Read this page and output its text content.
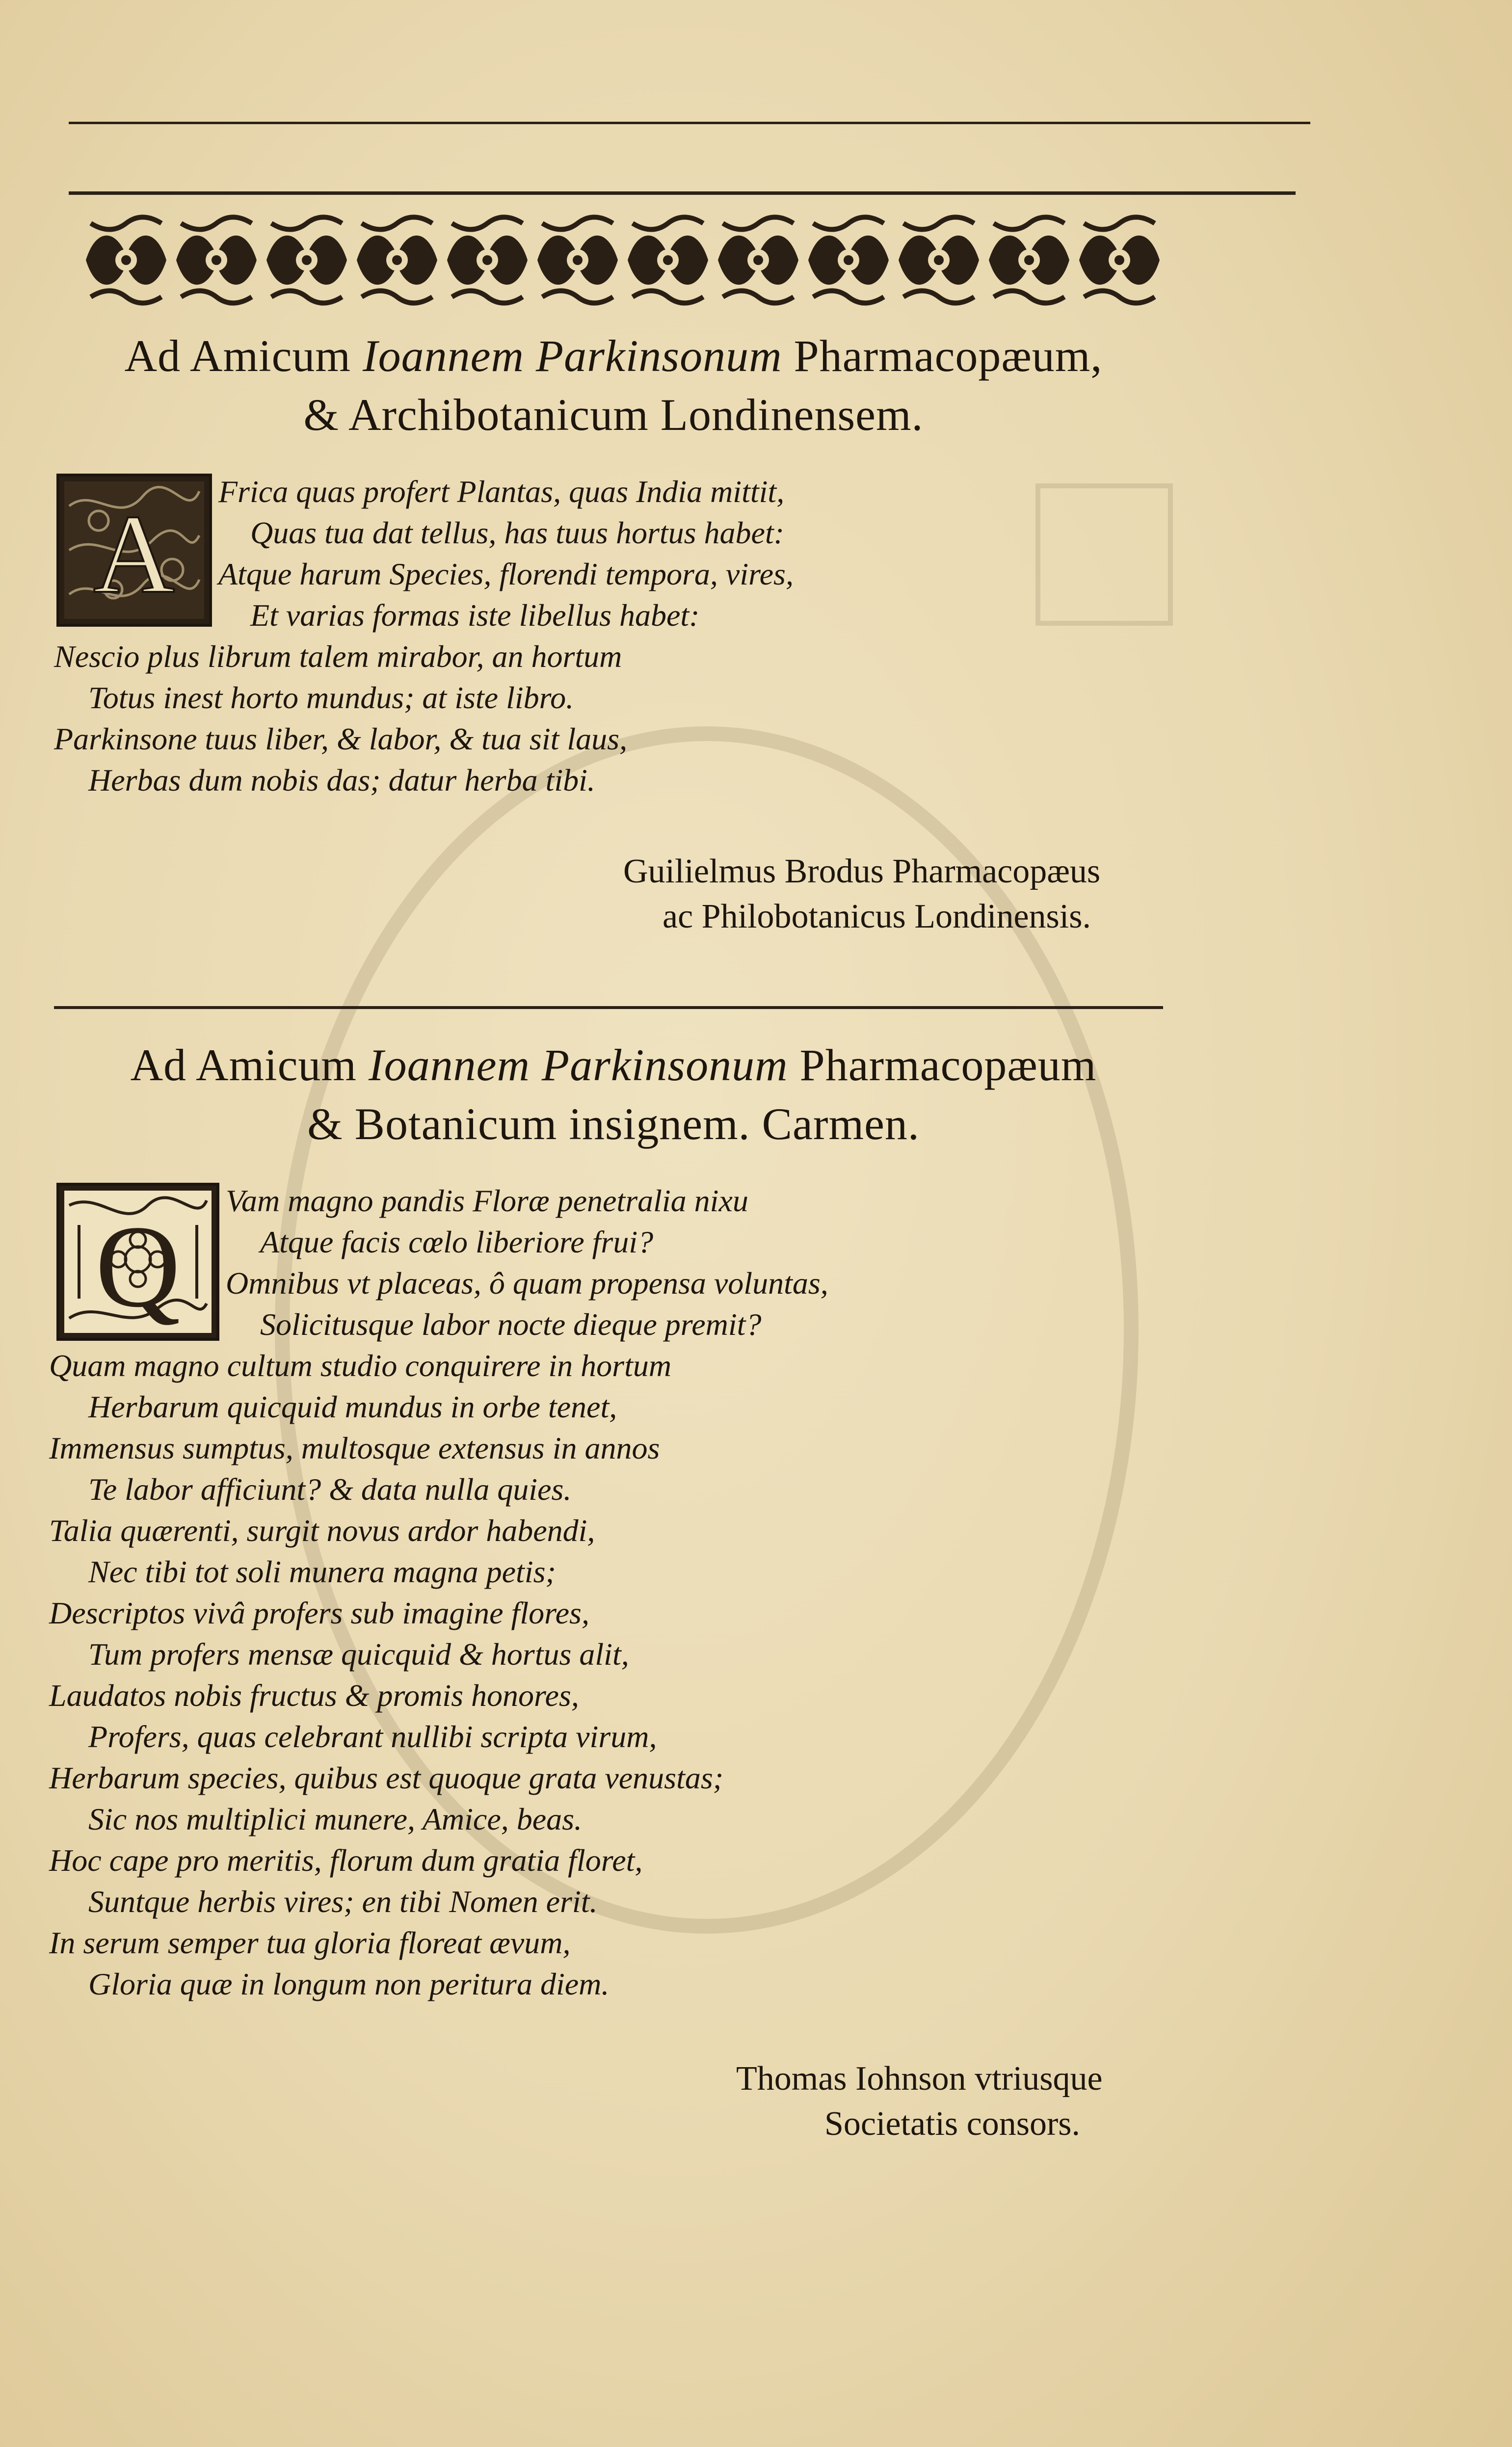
Ad Amicum Ioannem Parkinsonum Pharmacopæum,
& Archibotanicum Londinensem.
A	Frica quas profert Plantas, quas India mittit,
Quas tua dat tellus, has tuus hortus habet:
Atque harum Species, florendi tempora, vires,
Et varias formas iste libellus habet:
Nescio plus librum talem mirabor, an hortum
Totus inest horto mundus; at iste libro.
Parkinsone tuus liber, & labor, & tua sit laus,
Herbas dum nobis das; datur herba tibi.
Guilielmus Brodus Pharmacopæus
ac Philobotanicus Londinensis.
Ad Amicum Ioannem Parkinsonum Pharmacopæum
& Botanicum insignem. Carmen.
Q
Vam magno pandis Floræ penetralia nixu
Atque facis cœlo liberiore frui?
Omnibus vt placeas, ô quam propensa voluntas,
Solicitusque labor nocte dieque premit?
Quam magno cultum studio conquirere in hortum
Herbarum quicquid mundus in orbe tenet,
Immensus sumptus, multosque extensus in annos
Te labor afficiunt? & data nulla quies.
Talia quærenti, surgit novus ardor habendi,
Nec tibi tot soli munera magna petis;
Descriptos vivâ profers sub imagine flores,
Tum profers mensæ quicquid & hortus alit,
Laudatos nobis fructus & promis honores,
Profers, quas celebrant nullibi scripta virum,
Herbarum species, quibus est quoque grata venustas;
Sic nos multiplici munere, Amice, beas.
Hoc cape pro meritis, florum dum gratia floret,
Suntque herbis vires; en tibi Nomen erit.
In serum semper tua gloria floreat ævum,
Gloria quæ in longum non peritura diem.
Thomas Iohnson vtriusque
Societatis consors.
